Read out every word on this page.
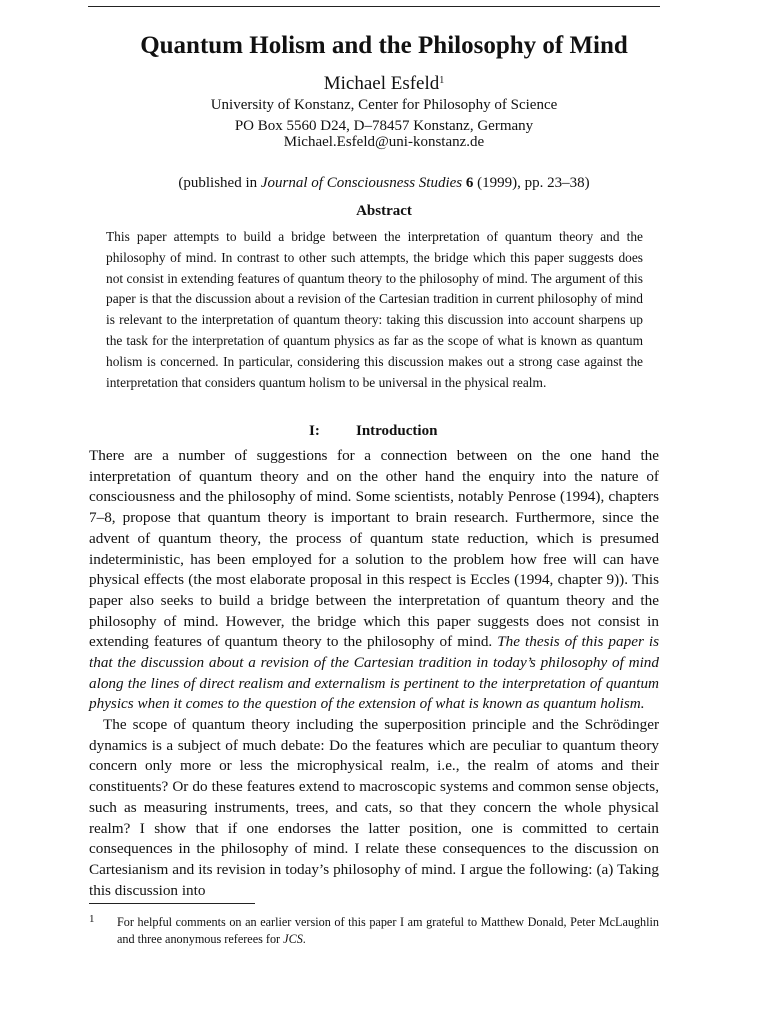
Quantum Holism and the Philosophy of Mind
Michael Esfeld$^1$
University of Konstanz, Center for Philosophy of Science
PO Box 5560 D24, D–78457 Konstanz, Germany
Michael.Esfeld@uni-konstanz.de
(published in Journal of Consciousness Studies 6 (1999), pp. 23–38)
Abstract

This paper attempts to build a bridge between the interpretation of quantum theory and the philosophy of mind. In contrast to other such attempts, the bridge which this paper suggests does not consist in extending features of quantum theory to the philosophy of mind. The argument of this paper is that the discussion about a revision of the Cartesian tradition in current philosophy of mind is relevant to the interpretation of quantum theory: taking this discussion into account sharpens up the task for the interpretation of quantum physics as far as the scope of what is known as quantum holism is concerned. In particular, considering this discussion makes out a strong case against the interpretation that considers quantum holism to be universal in the physical realm.

I: Introduction

There are a number of suggestions for a connection between on the one hand the interpretation of quantum theory and on the other hand the enquiry into the nature of consciousness and the philosophy of mind. Some scientists, notably Penrose (1994), chapters 7–8, propose that quantum theory is important to brain research. Furthermore, since the advent of quantum theory, the process of quantum state reduction, which is presumed indeterministic, has been employed for a solution to the problem how free will can have physical effects (the most elaborate proposal in this respect is Eccles (1994, chapter 9)). This paper also seeks to build a bridge between the interpretation of quantum theory and the philosophy of mind. However, the bridge which this paper suggests does not consist in extending features of quantum theory to the philosophy of mind. The thesis of this paper is that the discussion about a revision of the Cartesian tradition in today’s philosophy of mind along the lines of direct realism and externalism is pertinent to the interpretation of quantum physics when it comes to the question of the extension of what is known as quantum holism.

The scope of quantum theory including the superposition principle and the Schrödinger dynamics is a subject of much debate: Do the features which are peculiar to quantum theory concern only more or less the microphysical realm, i.e., the realm of atoms and their constituents? Or do these features extend to macroscopic systems and common sense objects, such as measuring instruments, trees, and cats, so that they concern the whole physical realm? I show that if one endorses the latter position, one is committed to certain consequences in the philosophy of mind. I relate these consequences to the discussion on Cartesianism and its revision in today’s philosophy of mind. I argue the following: (a) Taking this discussion into

1 For helpful comments on an earlier version of this paper I am grateful to Matthew Donald, Peter McLaughlin and three anonymous referees for JCS.
